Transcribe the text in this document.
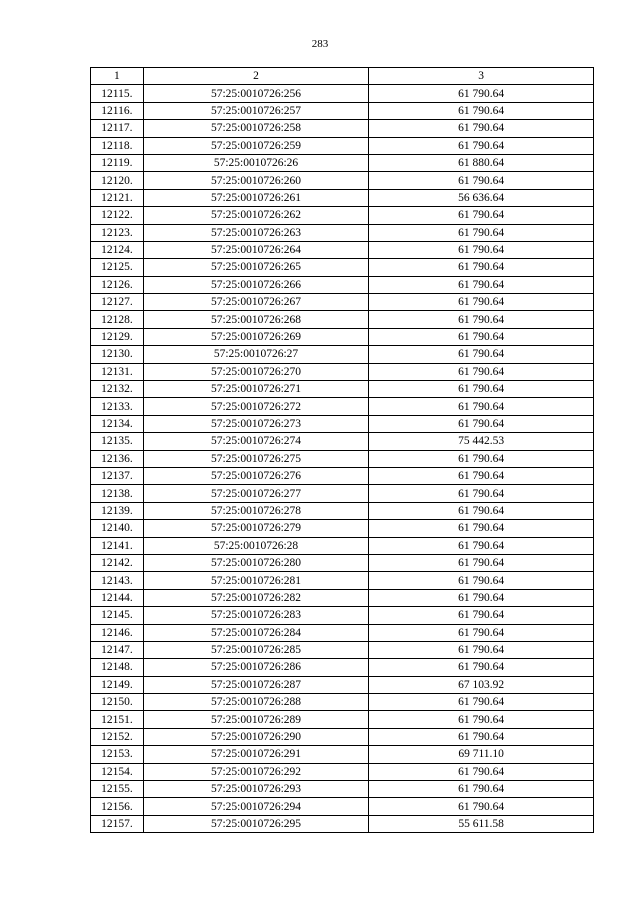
283
1	2	3
12115.	57:25:0010726:256	61 790.64
12116.	57:25:0010726:257	61 790.64
12117.	57:25:0010726:258	61 790.64
12118.	57:25:0010726:259	61 790.64
12119.	57:25:0010726:26	61 880.64
12120.	57:25:0010726:260	61 790.64
12121.	57:25:0010726:261	56 636.64
12122.	57:25:0010726:262	61 790.64
12123.	57:25:0010726:263	61 790.64
12124.	57:25:0010726:264	61 790.64
12125.	57:25:0010726:265	61 790.64
12126.	57:25:0010726:266	61 790.64
12127.	57:25:0010726:267	61 790.64
12128.	57:25:0010726:268	61 790.64
12129.	57:25:0010726:269	61 790.64
12130.	57:25:0010726:27	61 790.64
12131.	57:25:0010726:270	61 790.64
12132.	57:25:0010726:271	61 790.64
12133.	57:25:0010726:272	61 790.64
12134.	57:25:0010726:273	61 790.64
12135.	57:25:0010726:274	75 442.53
12136.	57:25:0010726:275	61 790.64
12137.	57:25:0010726:276	61 790.64
12138.	57:25:0010726:277	61 790.64
12139.	57:25:0010726:278	61 790.64
12140.	57:25:0010726:279	61 790.64
12141.	57:25:0010726:28	61 790.64
12142.	57:25:0010726:280	61 790.64
12143.	57:25:0010726:281	61 790.64
12144.	57:25:0010726:282	61 790.64
12145.	57:25:0010726:283	61 790.64
12146.	57:25:0010726:284	61 790.64
12147.	57:25:0010726:285	61 790.64
12148.	57:25:0010726:286	61 790.64
12149.	57:25:0010726:287	67 103.92
12150.	57:25:0010726:288	61 790.64
12151.	57:25:0010726:289	61 790.64
12152.	57:25:0010726:290	61 790.64
12153.	57:25:0010726:291	69 711.10
12154.	57:25:0010726:292	61 790.64
12155.	57:25:0010726:293	61 790.64
12156.	57:25:0010726:294	61 790.64
12157.	57:25:0010726:295	55 611.58
